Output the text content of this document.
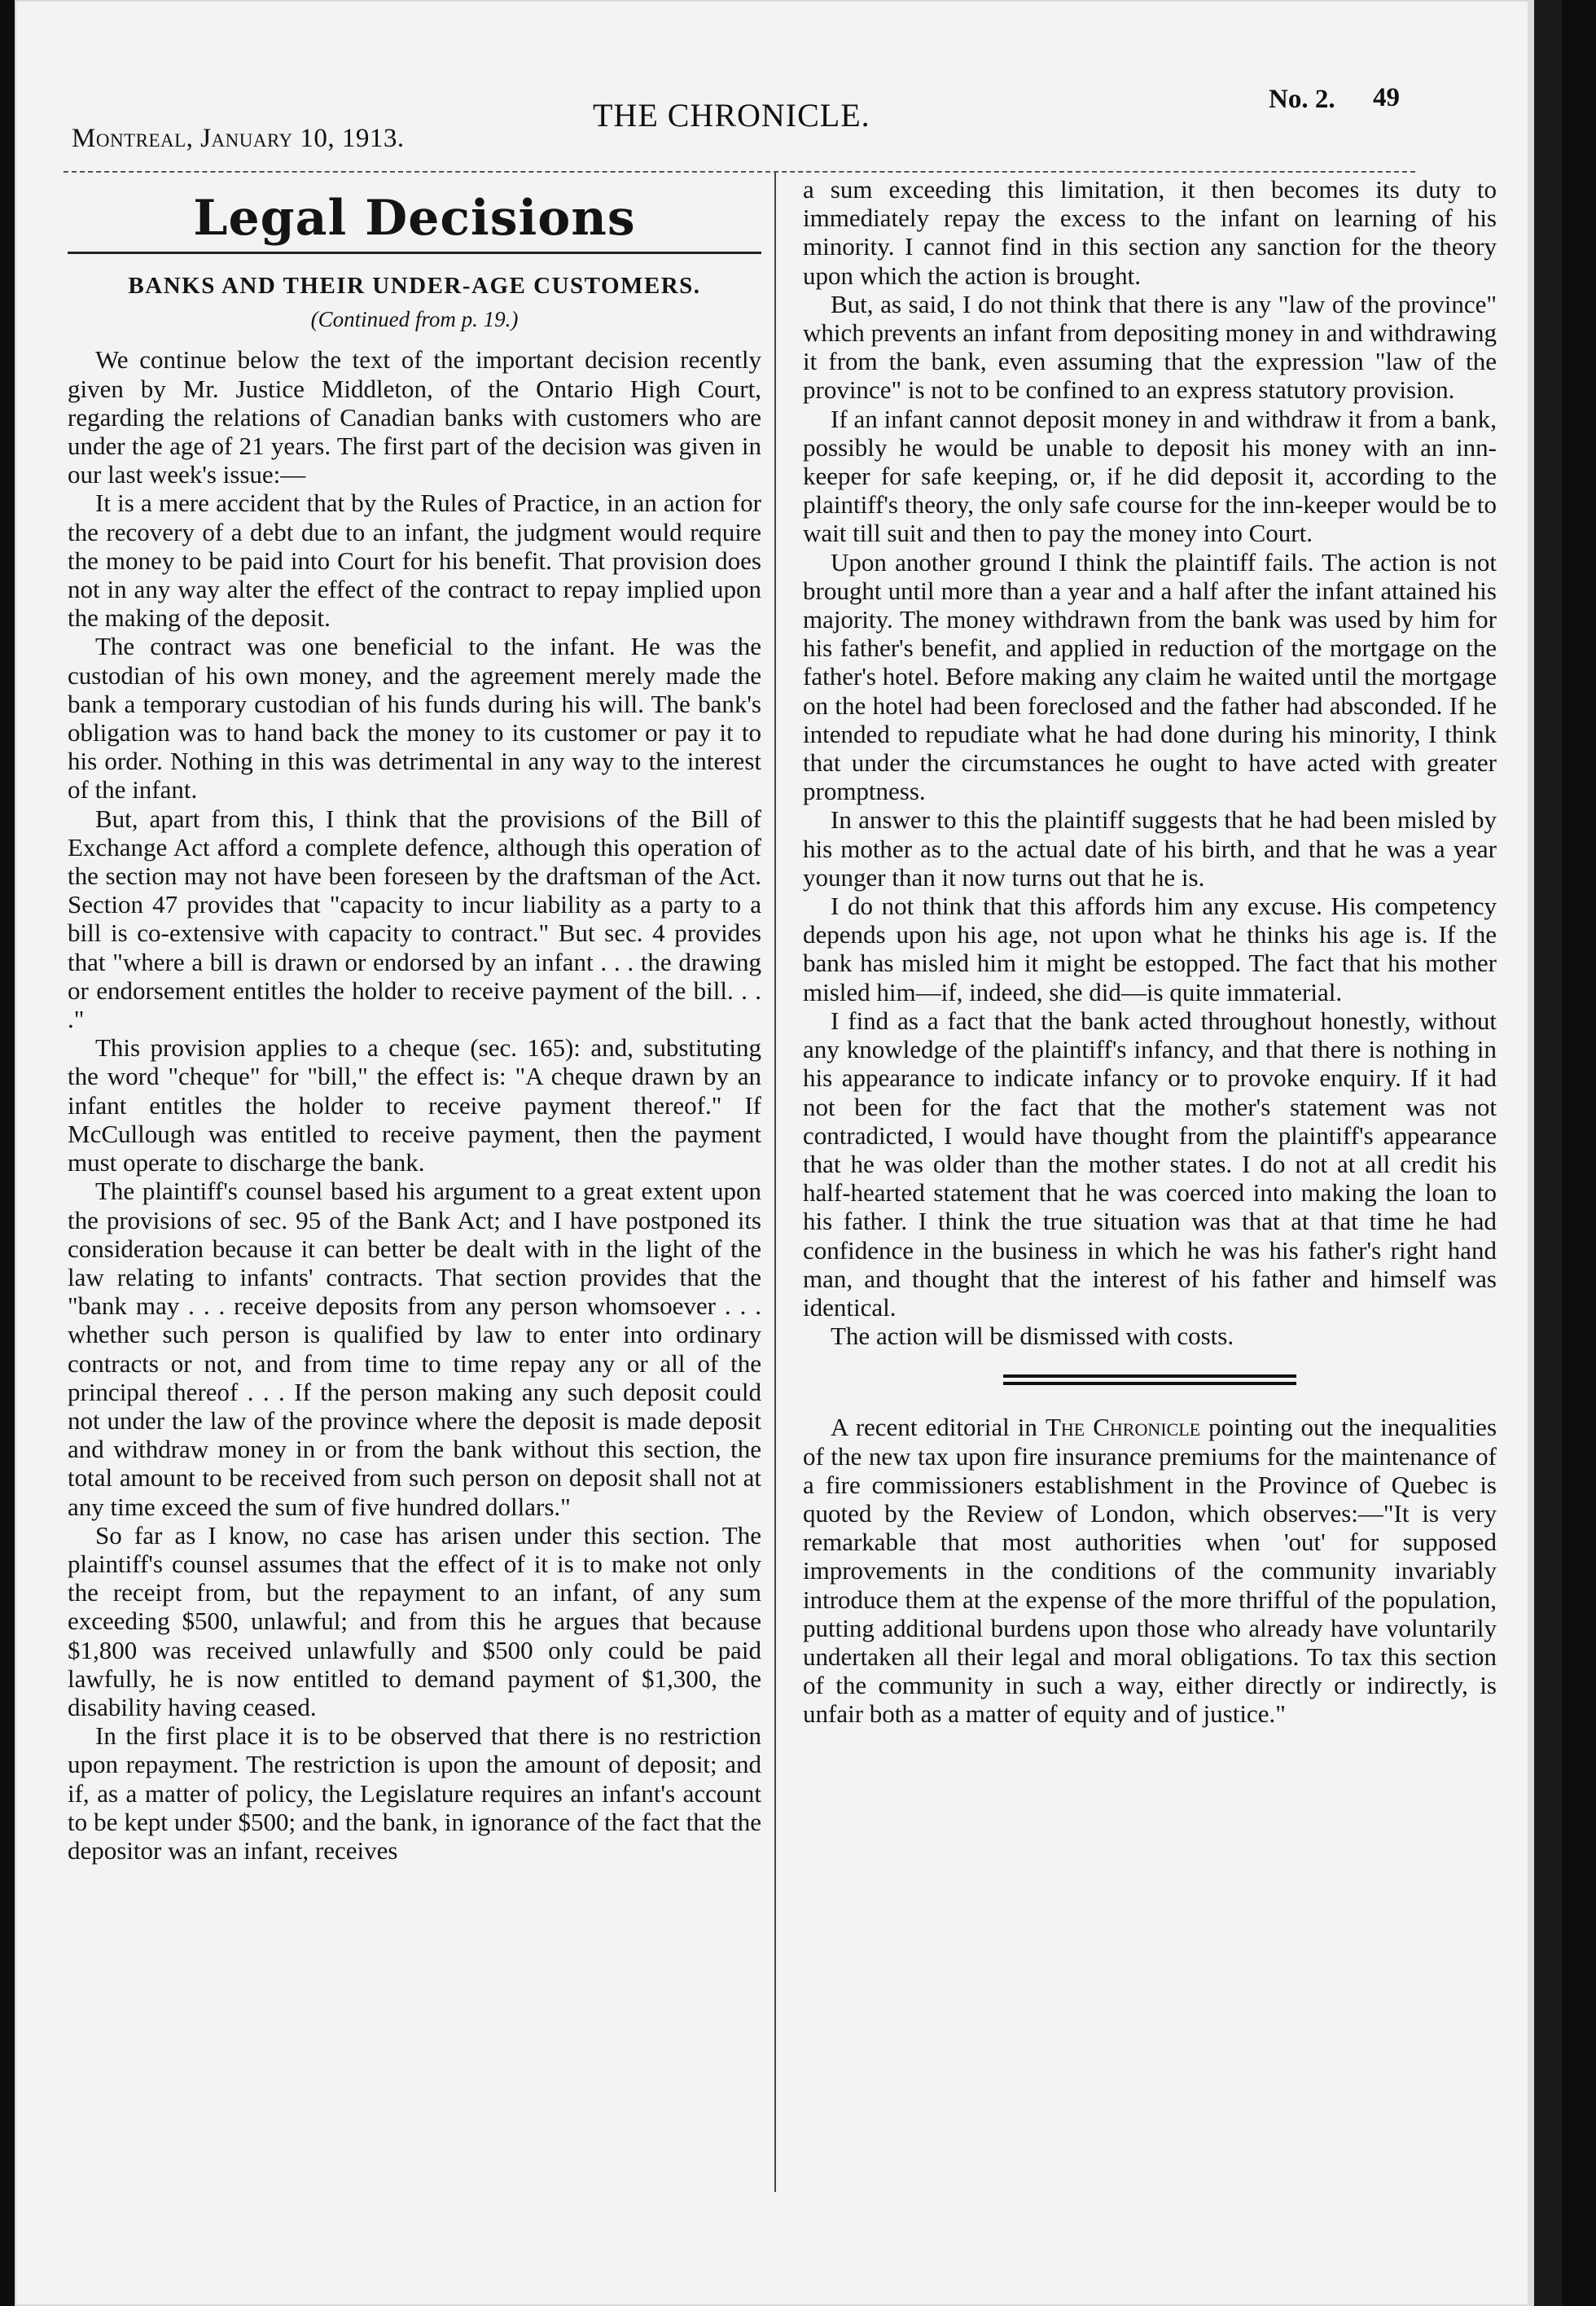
Montreal, January 10, 1913.
THE CHRONICLE.	No. 2. 49
Legal Decisions
BANKS AND THEIR UNDER-AGE CUSTOMERS.
(Continued from p. 19.)

We continue below the text of the important decision recently given by Mr. Justice Middleton, of the Ontario High Court, regarding the relations of Canadian banks with customers who are under the age of 21 years. The first part of the decision was given in our last week's issue:—

It is a mere accident that by the Rules of Practice, in an action for the recovery of a debt due to an infant, the judgment would require the money to be paid into Court for his benefit. That provision does not in any way alter the effect of the contract to repay implied upon the making of the deposit.

The contract was one beneficial to the infant. He was the custodian of his own money, and the agreement merely made the bank a temporary custodian of his funds during his will. The bank's obligation was to hand back the money to its customer or pay it to his order. Nothing in this was detrimental in any way to the interest of the infant.

But, apart from this, I think that the provisions of the Bill of Exchange Act afford a complete defence, although this operation of the section may not have been foreseen by the draftsman of the Act. Section 47 provides that "capacity to incur liability as a party to a bill is co-extensive with capacity to contract." But sec. 4 provides that "where a bill is drawn or endorsed by an infant . . . the drawing or endorsement entitles the holder to receive payment of the bill. . . ."

This provision applies to a cheque (sec. 165): and, substituting the word "cheque" for "bill," the effect is: "A cheque drawn by an infant entitles the holder to receive payment thereof." If McCullough was entitled to receive payment, then the payment must operate to discharge the bank.

The plaintiff's counsel based his argument to a great extent upon the provisions of sec. 95 of the Bank Act; and I have postponed its consideration because it can better be dealt with in the light of the law relating to infants' contracts. That section provides that the "bank may . . . receive deposits from any person whomsoever . . . whether such person is qualified by law to enter into ordinary contracts or not, and from time to time repay any or all of the principal thereof . . . If the person making any such deposit could not under the law of the province where the deposit is made deposit and withdraw money in or from the bank without this section, the total amount to be received from such person on deposit shall not at any time exceed the sum of five hundred dollars."

So far as I know, no case has arisen under this section. The plaintiff's counsel assumes that the effect of it is to make not only the receipt from, but the repayment to an infant, of any sum exceeding $500, unlawful; and from this he argues that because $1,800 was received unlawfully and $500 only could be paid lawfully, he is now entitled to demand payment of $1,300, the disability having ceased.

In the first place it is to be observed that there is no restriction upon repayment. The restriction is upon the amount of deposit; and if, as a matter of policy, the Legislature requires an infant's account to be kept under $500; and the bank, in ignorance of the fact that the depositor was an infant, receives

a sum exceeding this limitation, it then becomes its duty to immediately repay the excess to the infant on learning of his minority. I cannot find in this section any sanction for the theory upon which the action is brought.

But, as said, I do not think that there is any "law of the province" which prevents an infant from depositing money in and withdrawing it from the bank, even assuming that the expression "law of the province" is not to be confined to an express statutory provision.

If an infant cannot deposit money in and withdraw it from a bank, possibly he would be unable to deposit his money with an inn-keeper for safe keeping, or, if he did deposit it, according to the plaintiff's theory, the only safe course for the inn-keeper would be to wait till suit and then to pay the money into Court.

Upon another ground I think the plaintiff fails. The action is not brought until more than a year and a half after the infant attained his majority. The money withdrawn from the bank was used by him for his father's benefit, and applied in reduction of the mortgage on the father's hotel. Before making any claim he waited until the mortgage on the hotel had been foreclosed and the father had absconded. If he intended to repudiate what he had done during his minority, I think that under the circumstances he ought to have acted with greater promptness.

In answer to this the plaintiff suggests that he had been misled by his mother as to the actual date of his birth, and that he was a year younger than it now turns out that he is.

I do not think that this affords him any excuse. His competency depends upon his age, not upon what he thinks his age is. If the bank has misled him it might be estopped. The fact that his mother misled him—if, indeed, she did—is quite immaterial.

I find as a fact that the bank acted throughout honestly, without any knowledge of the plaintiff's infancy, and that there is nothing in his appearance to indicate infancy or to provoke enquiry. If it had not been for the fact that the mother's statement was not contradicted, I would have thought from the plaintiff's appearance that he was older than the mother states. I do not at all credit his half-hearted statement that he was coerced into making the loan to his father. I think the true situation was that at that time he had confidence in the business in which he was his father's right hand man, and thought that the interest of his father and himself was identical.

The action will be dismissed with costs.

A recent editorial in The Chronicle pointing out the inequalities of the new tax upon fire insurance premiums for the maintenance of a fire commissioners establishment in the Province of Quebec is quoted by the Review of London, which observes:—"It is very remarkable that most authorities when 'out' for supposed improvements in the conditions of the community invariably introduce them at the expense of the more thrifful of the population, putting additional burdens upon those who already have voluntarily undertaken all their legal and moral obligations. To tax this section of the community in such a way, either directly or indirectly, is unfair both as a matter of equity and of justice."
